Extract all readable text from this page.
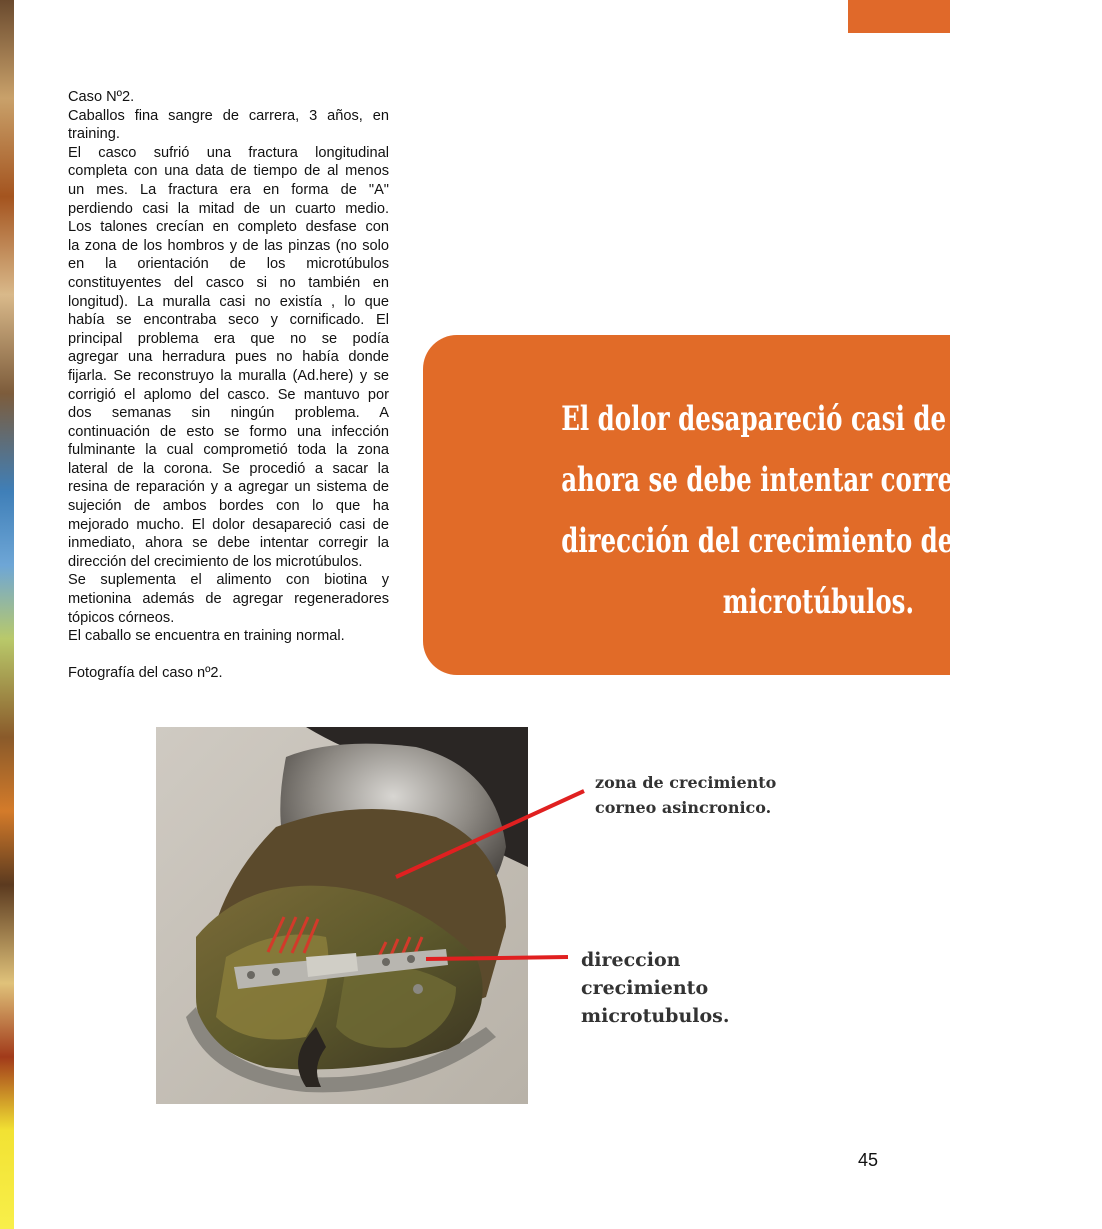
Caso Nº2.
Caballos fina sangre de carrera, 3 años, en
training.
El casco sufrió una fractura longitudinal
completa con una data de tiempo de al menos
un mes. La fractura era en forma de "A"
perdiendo casi la mitad de un cuarto medio.
Los talones crecían en completo desfase con
la zona de los hombros y de las pinzas (no solo
en la orientación de los microtúbulos
constituyentes del casco si no también en
longitud). La muralla casi no existía , lo que
había se encontraba seco y cornificado. El
principal problema era que no se podía
agregar una herradura pues no había donde
fijarla. Se reconstruyo la muralla (Ad.here) y se
corrigió el aplomo del casco. Se mantuvo por
dos semanas sin ningún problema. A
continuación de esto se formo una infección
fulminante la cual comprometió toda la zona
lateral de la corona. Se procedió a sacar la
resina de reparación y a agregar un sistema de
sujeción de ambos bordes con lo que ha
mejorado mucho. El dolor desapareció casi de
inmediato, ahora se debe intentar corregir la
dirección del crecimiento de los microtúbulos.
Se suplementa el alimento con biotina y
metionina además de agregar regeneradores
tópicos córneos.
El caballo se encuentra en training normal.
Fotografía del caso nº2.
El dolor desapareció casi de inmediato,
ahora se debe intentar corregir la
dirección del crecimiento de los
microtúbulos.
zona de crecimiento
corneo asincronico.
direccion
crecimiento
microtubulos.
45
